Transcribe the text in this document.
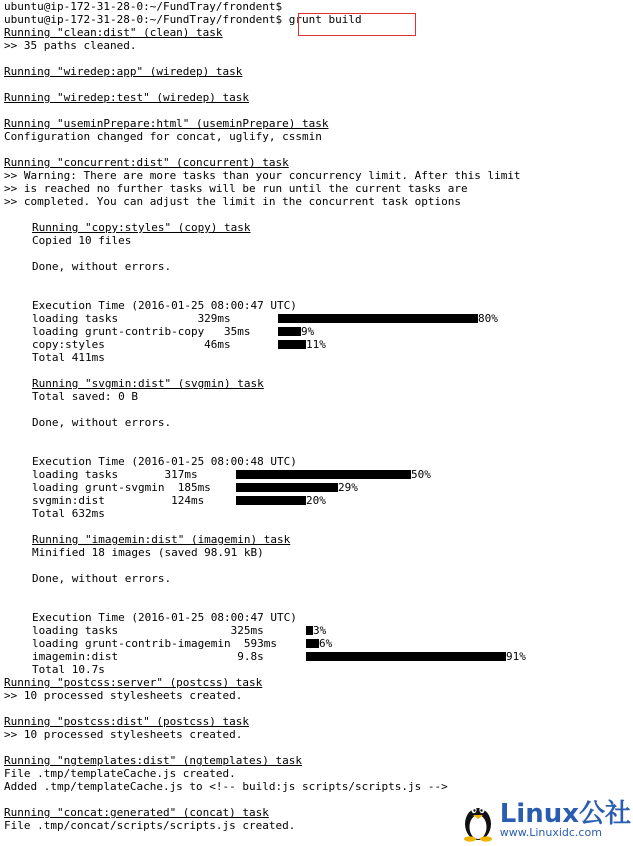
ubuntu@ip-172-31-28-0:~/FundTray/frondent$
ubuntu@ip-172-31-28-0:~/FundTray/frondent$ grunt build
Running "clean:dist" (clean) task
>> 35 paths cleaned.
Running "wiredep:app" (wiredep) task
Running "wiredep:test" (wiredep) task
Running "useminPrepare:html" (useminPrepare) task
Configuration changed for concat, uglify, cssmin
Running "concurrent:dist" (concurrent) task
>> Warning: There are more tasks than your concurrency limit. After this limit
>> is reached no further tasks will be run until the current tasks are
>> completed. You can adjust the limit in the concurrent task options
Running "copy:styles" (copy) task
Copied 10 files
Done, without errors.
Execution Time (2016-01-25 08:00:47 UTC)
loading tasks            329ms	80%
loading grunt-contrib-copy   35ms	9%
copy:styles               46ms	11%
Total 411ms
Running "svgmin:dist" (svgmin) task
Total saved: 0 B
Done, without errors.
Execution Time (2016-01-25 08:00:48 UTC)
loading tasks       317ms	50%
loading grunt-svgmin  185ms	29%
svgmin:dist          124ms	20%
Total 632ms
Running "imagemin:dist" (imagemin) task
Minified 18 images (saved 98.91 kB)
Done, without errors.
Execution Time (2016-01-25 08:00:47 UTC)
loading tasks                 325ms	3%
loading grunt-contrib-imagemin  593ms	6%
imagemin:dist                  9.8s	91%
Total 10.7s
Running "postcss:server" (postcss) task
>> 10 processed stylesheets created.
Running "postcss:dist" (postcss) task
>> 10 processed stylesheets created.
Running "ngtemplates:dist" (ngtemplates) task
File .tmp/templateCache.js created.
Added .tmp/templateCache.js to <!-- build:js scripts/scripts.js -->
Running "concat:generated" (concat) task
File .tmp/concat/scripts/scripts.js created.	Linux公社
www.Linuxidc.com
